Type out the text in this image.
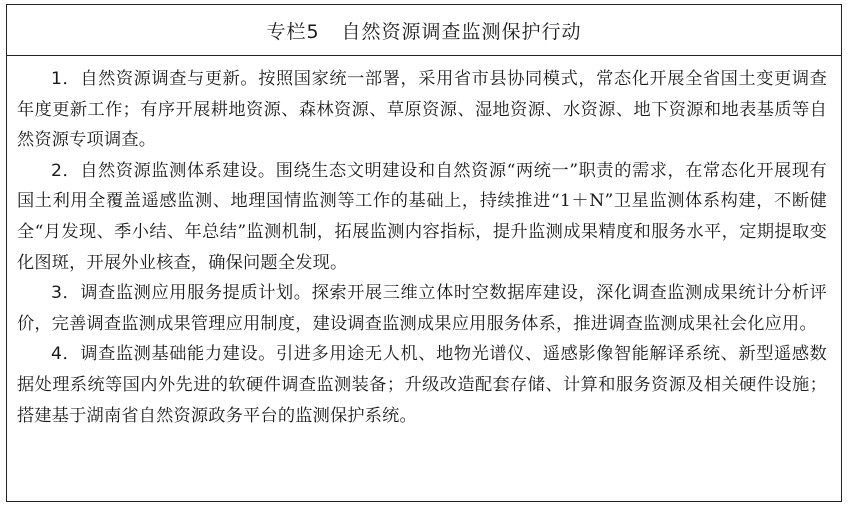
专栏5 自然资源调查监测保护行动

1．自然资源调查与更新。按照国家统一部署，采用省市县协同模式，常态化开展全省国土变更调查年度更新工作；有序开展耕地资源、森林资源、草原资源、湿地资源、水资源、地下资源和地表基质等自然资源专项调查。

2．自然资源监测体系建设。围绕生态文明建设和自然资源“两统一”职责的需求，在常态化开展现有国土利用全覆盖遥感监测、地理国情监测等工作的基础上，持续推进“1＋N”卫星监测体系构建，不断健全“月发现、季小结、年总结”监测机制，拓展监测内容指标，提升监测成果精度和服务水平，定期提取变化图斑，开展外业核查，确保问题全发现。

3．调查监测应用服务提质计划。探索开展三维立体时空数据库建设，深化调查监测成果统计分析评价，完善调查监测成果管理应用制度，建设调查监测成果应用服务体系，推进调查监测成果社会化应用。

4．调查监测基础能力建设。引进多用途无人机、地物光谱仪、遥感影像智能解译系统、新型遥感数据处理系统等国内外先进的软硬件调查监测装备；升级改造配套存储、计算和服务资源及相关硬件设施；搭建基于湖南省自然资源政务平台的监测保护系统。
